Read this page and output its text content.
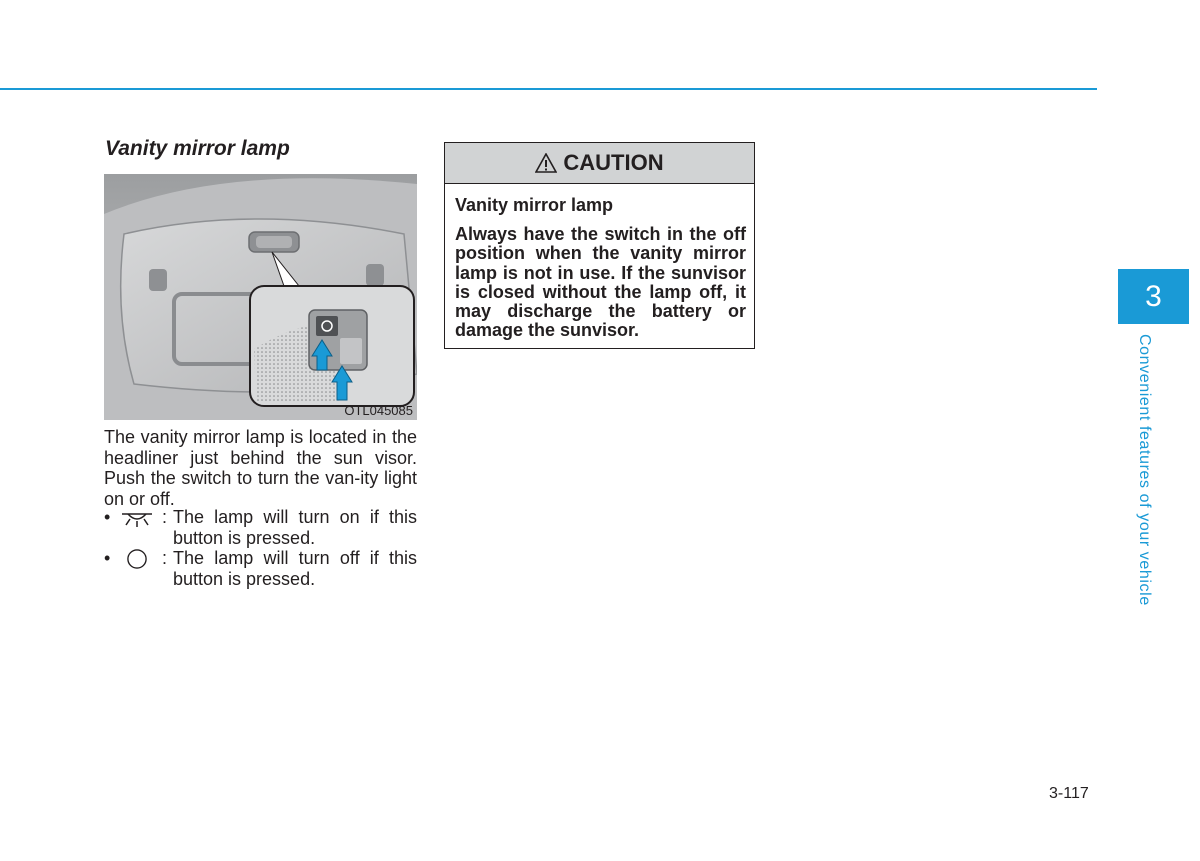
Vanity mirror lamp
OTL045085

The vanity mirror lamp is located in the headliner just behind the sun visor. Push the switch to turn the van-ity light on or off.

•	: The lamp will turn on if this button is pressed.
•	: The lamp will turn off if this button is pressed.
CAUTION

Vanity mirror lamp

Always have the switch in the off position when the vanity mirror lamp is not in use. If the sunvisor is closed without the lamp off, it may discharge the battery or damage the sunvisor.

3
Convenient features of your vehicle
3-117
